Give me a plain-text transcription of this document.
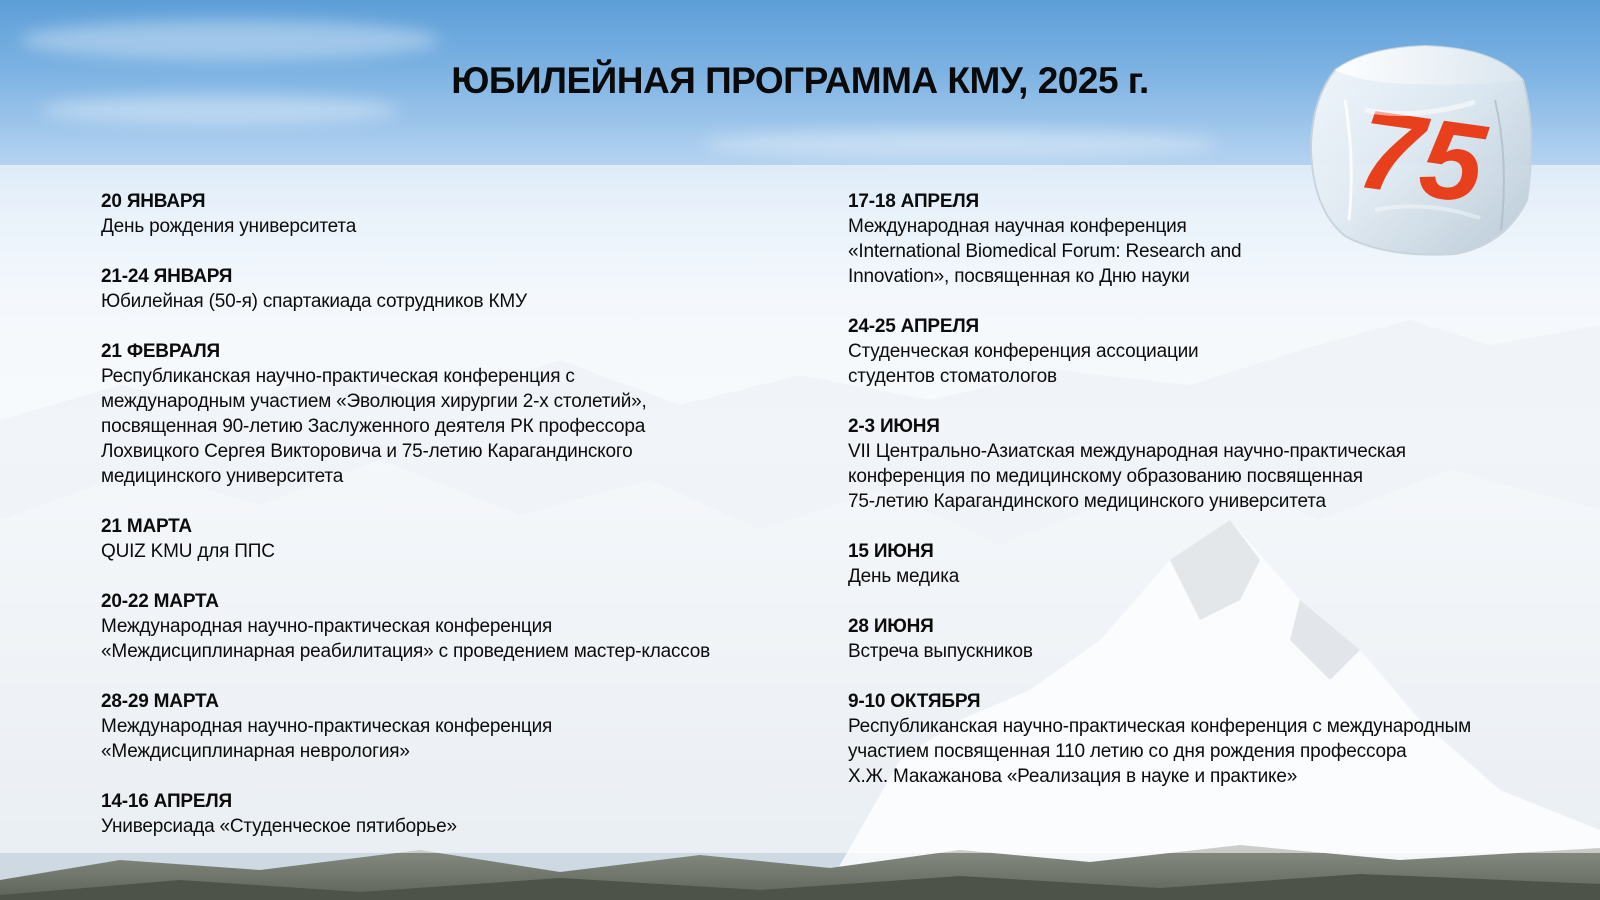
ЮБИЛЕЙНАЯ ПРОГРАММА КМУ, 2025 г.
75
20 ЯНВАРЯ
День рождения университета
21-24 ЯНВАРЯ
Юбилейная (50-я) спартакиада сотрудников КМУ
21 ФЕВРАЛЯ
Республиканская научно-практическая конференция с
международным участием «Эволюция хирургии 2-х столетий»,
посвященная 90-летию Заслуженного деятеля РК профессора
Лохвицкого Сергея Викторовича и 75-летию Карагандинского
медицинского университета
21 МАРТА
QUIZ KMU для ППС
20-22 МАРТА
Международная научно-практическая конференция
«Междисциплинарная реабилитация» с проведением мастер-классов
28-29 МАРТА
Международная научно-практическая конференция
«Междисциплинарная неврология»
14-16 АПРЕЛЯ
Универсиада «Студенческое пятиборье»
17-18 АПРЕЛЯ
Международная научная конференция
«International Biomedical Forum: Research and
Innovation», посвященная ко Дню науки
24-25 АПРЕЛЯ
Студенческая конференция ассоциации
студентов стоматологов
2-3 ИЮНЯ
VII Центрально-Азиатская международная научно-практическая
конференция по медицинскому образованию посвященная
75-летию Карагандинского медицинского университета
15 ИЮНЯ
День медика
28 ИЮНЯ
Встреча выпускников
9-10 ОКТЯБРЯ
Республиканская научно-практическая конференция с международным
участием посвященная 110 летию со дня рождения профессора
Х.Ж. Макажанова «Реализация в науке и практике»
